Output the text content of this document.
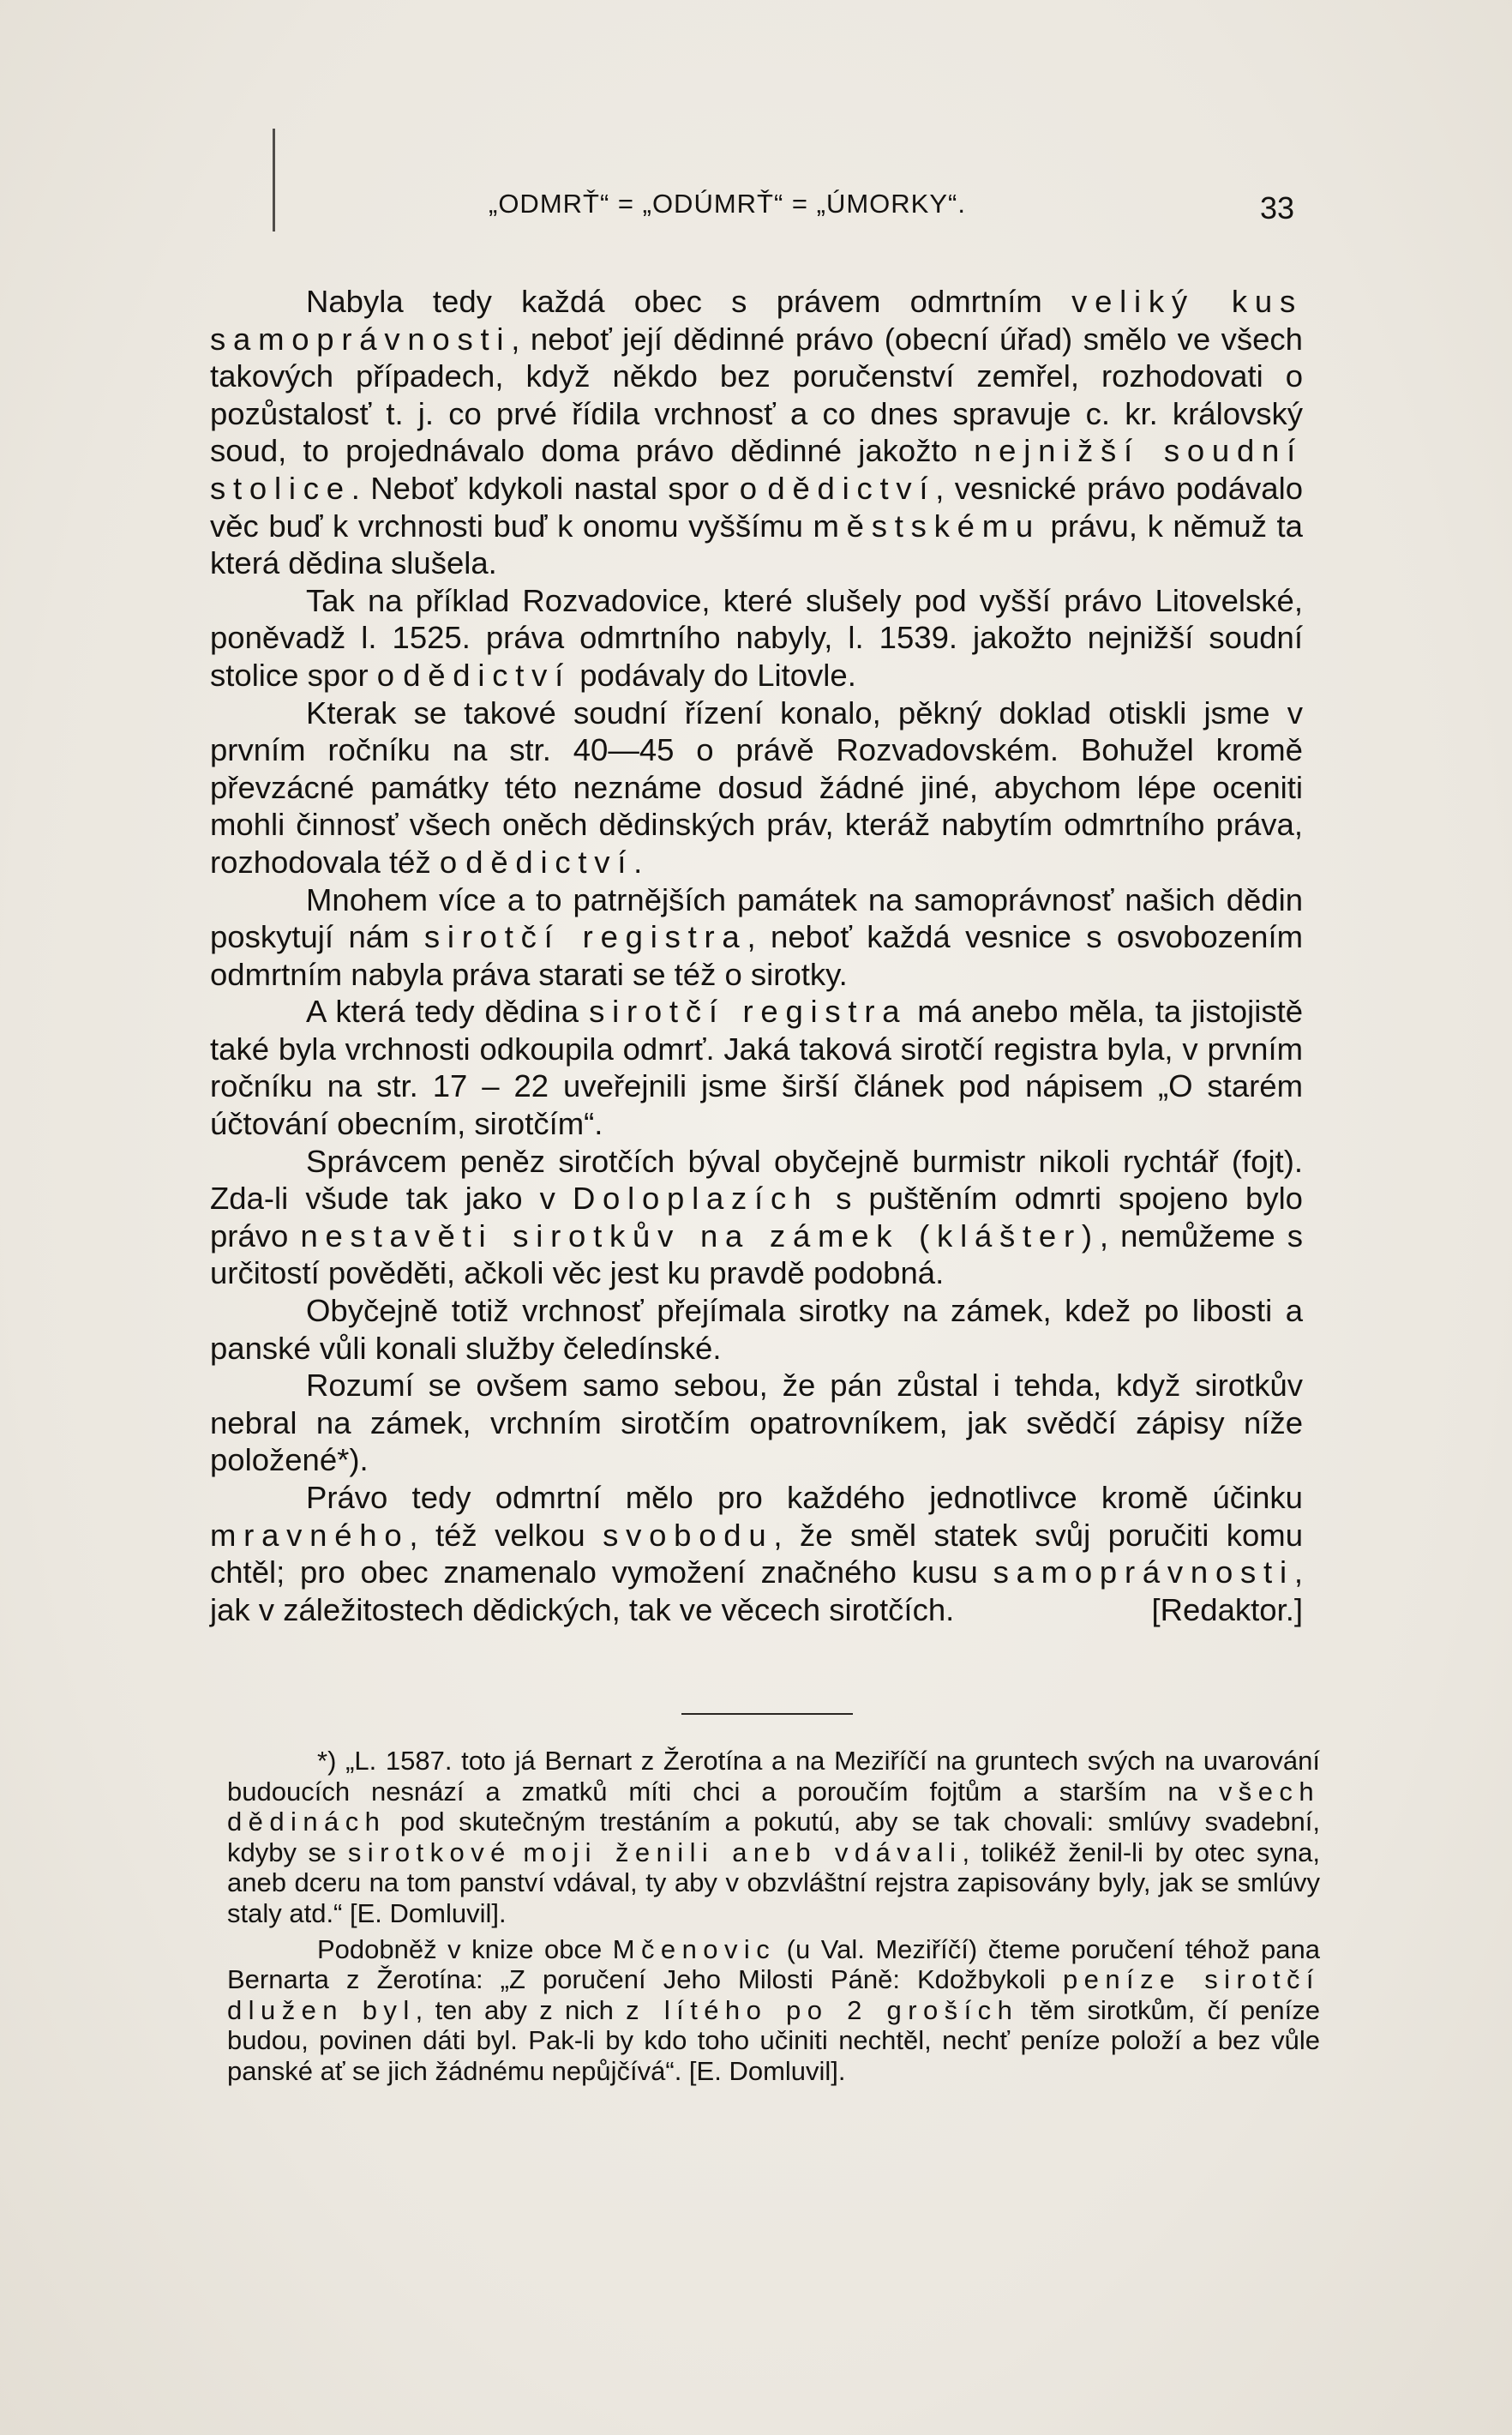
„ODMRŤ“ = „ODÚMRŤ“ = „ÚMORKY“.	33

Nabyla tedy každá obec s právem odmrtním veliký kus samoprávnosti, neboť její dědinné právo (obecní úřad) smělo ve všech takových případech, když někdo bez poručenství zemřel, rozhodovati o pozůstalosť t. j. co prvé řídila vrchnosť a co dnes spravuje c. kr. královský soud, to projednávalo doma právo dědinné jakožto nejnižší soudní stolice. Neboť kdykoli nastal spor o dědictví, vesnické právo podávalo věc buď k vrchnosti buď k onomu vyššímu městskému právu, k němuž ta která dědina slušela.

Tak na příklad Rozvadovice, které slušely pod vyšší právo Litovelské, poněvadž l. 1525. práva odmrtního nabyly, l. 1539. jakožto nejnižší soudní stolice spor o dědictví podávaly do Litovle.

Kterak se takové soudní řízení konalo, pěkný doklad otiskli jsme v prvním ročníku na str. 40—45 o právě Rozvadovském. Bohužel kromě převzácné památky této neznáme dosud žádné jiné, abychom lépe oceniti mohli činnosť všech oněch dědinských práv, kteráž nabytím odmrtního práva, rozhodovala též o dědictví.

Mnohem více a to patrnějších památek na samoprávnosť našich dědin poskytují nám sirotčí registra, neboť každá vesnice s osvobozením odmrtním nabyla práva starati se též o sirotky.

A která tedy dědina sirotčí registra má anebo měla, ta jistojistě také byla vrchnosti odkoupila odmrť. Jaká taková sirotčí registra byla, v prvním ročníku na str. 17 – 22 uveřejnili jsme širší článek pod nápisem „O starém účtování obecním, sirotčím“.

Správcem peněz sirotčích býval obyčejně burmistr nikoli rychtář (fojt). Zda-li všude tak jako v Doloplazích s puštěním odmrti spojeno bylo právo nestavěti sirotkův na zámek (klášter), nemůžeme s určitostí pověděti, ačkoli věc jest ku pravdě podobná.

Obyčejně totiž vrchnosť přejímala sirotky na zámek, kdež po libosti a panské vůli konali služby čeledínské.

Rozumí se ovšem samo sebou, že pán zůstal i tehda, když sirotkův nebral na zámek, vrchním sirotčím opatrovníkem, jak svědčí zápisy níže položené*).

Právo tedy odmrtní mělo pro každého jednotlivce kromě účinku mravného, též velkou svobodu, že směl statek svůj poručiti komu chtěl; pro obec znamenalo vymožení značného kusu samoprávnosti, jak v záležitostech dědických, tak ve věcech sirotčích.	[Redaktor.]

*) „L. 1587. toto já Bernart z Žerotína a na Meziříčí na gruntech svých na uvarování budoucích nesnází a zmatků míti chci a poroučím fojtům a starším na všech dědinách pod skutečným trestáním a pokutú, aby se tak chovali: smlúvy svadební, kdyby se sirotkové moji ženili aneb vdávali, tolikéž ženil-li by otec syna, aneb dceru na tom panství vdával, ty aby v obzvláštní rejstra zapisovány byly, jak se smlúvy staly atd.“ [E. Domluvil].

Podobněž v knize obce Mčenovic (u Val. Meziříčí) čteme poručení téhož pana Bernarta z Žerotína: „Z poručení Jeho Milosti Páně: Kdožbykoli peníze sirotčí dlužen byl, ten aby z nich z lítého po 2 groších těm sirotkům, čí peníze budou, povinen dáti byl. Pak-li by kdo toho učiniti nechtěl, nechť peníze položí a bez vůle panské ať se jich žádnému nepůjčívá“. [E. Domluvil].
